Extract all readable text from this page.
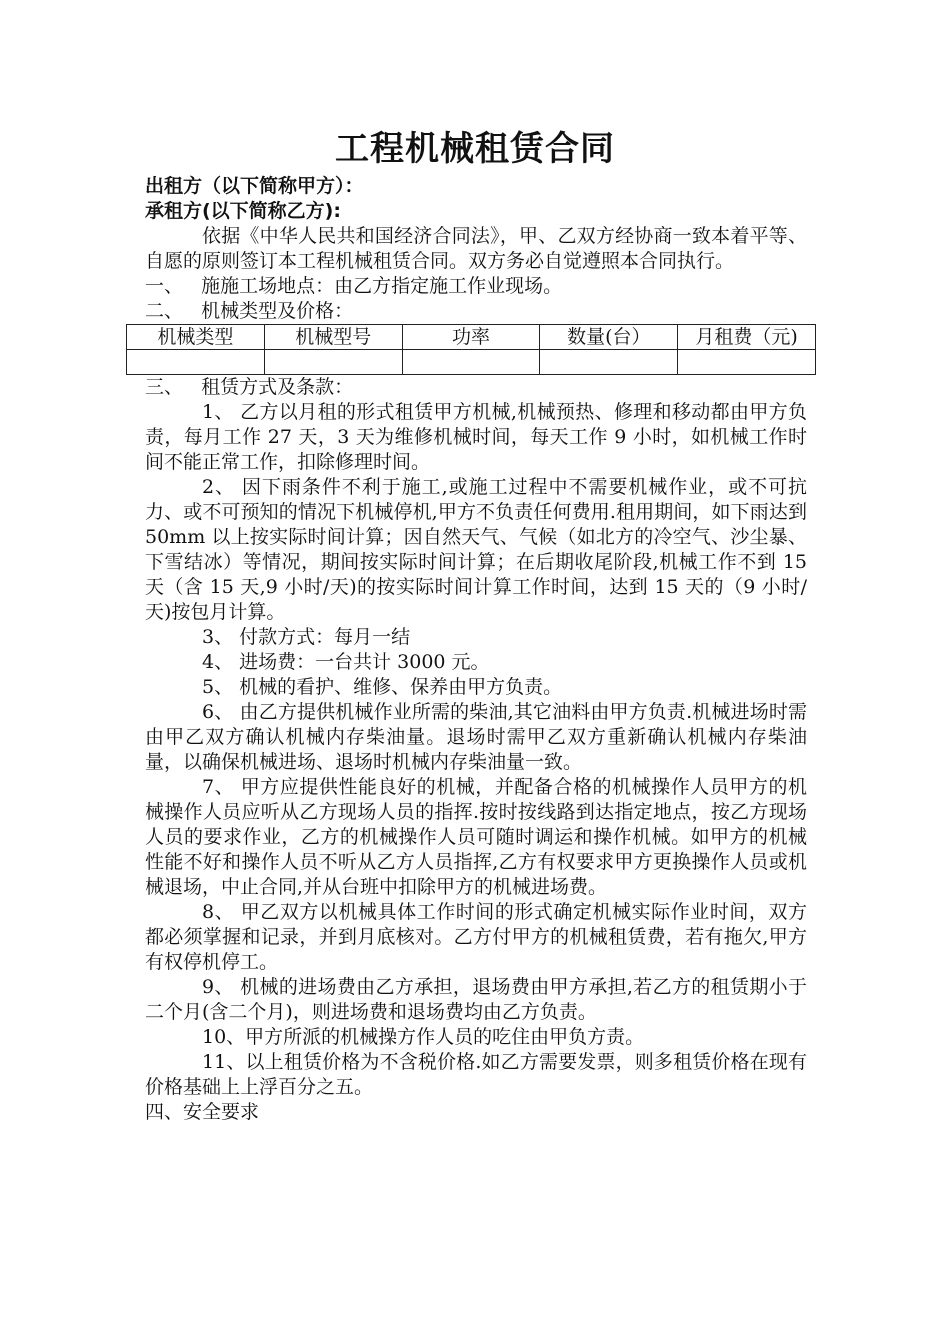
工程机械租赁合同

出租方（以下简称甲方）：

承租方(以下简称乙方):

依据《中华人民共和国经济合同法》，甲、乙双方经协商一致本着平等、自愿的原则签订本工程机械租赁合同。双方务必自觉遵照本合同执行。

一、   施施工场地点：由乙方指定施工作业现场。

二、   机械类型及价格：

机械类型	机械型号	功率	数量(台）	月租费（元)

三、   租赁方式及条款：

1、 乙方以月租的形式租赁甲方机械,机械预热、修理和移动都由甲方负责，每月工作 27 天，3 天为维修机械时间，每天工作 9 小时，如机械工作时间不能正常工作，扣除修理时间。

2、 因下雨条件不利于施工,或施工过程中不需要机械作业，或不可抗力、或不可预知的情况下机械停机,甲方不负责任何费用.租用期间，如下雨达到 50mm 以上按实际时间计算；因自然天气、气候（如北方的冷空气、沙尘暴、下雪结冰）等情况，期间按实际时间计算；在后期收尾阶段,机械工作不到 15 天（含 15 天,9 小时/天)的按实际时间计算工作时间，达到 15 天的（9 小时/天)按包月计算。

3、 付款方式：每月一结

4、 进场费：一台共计 3000 元。

5、 机械的看护、维修、保养由甲方负责。

6、 由乙方提供机械作业所需的柴油,其它油料由甲方负责.机械进场时需由甲乙双方确认机械内存柴油量。退场时需甲乙双方重新确认机械内存柴油量，以确保机械进场、退场时机械内存柴油量一致。

7、 甲方应提供性能良好的机械，并配备合格的机械操作人员甲方的机械操作人员应听从乙方现场人员的指挥.按时按线路到达指定地点，按乙方现场人员的要求作业，乙方的机械操作人员可随时调运和操作机械。如甲方的机械性能不好和操作人员不听从乙方人员指挥,乙方有权要求甲方更换操作人员或机械退场，中止合同,并从台班中扣除甲方的机械进场费。

8、 甲乙双方以机械具体工作时间的形式确定机械实际作业时间，双方都必须掌握和记录，并到月底核对。乙方付甲方的机械租赁费，若有拖欠,甲方有权停机停工。

9、 机械的进场费由乙方承担，退场费由甲方承担,若乙方的租赁期小于二个月(含二个月)，则进场费和退场费均由乙方负责。

10、甲方所派的机械操方作人员的吃住由甲负方责。

11、以上租赁价格为不含税价格.如乙方需要发票，则多租赁价格在现有价格基础上上浮百分之五。

四、安全要求
